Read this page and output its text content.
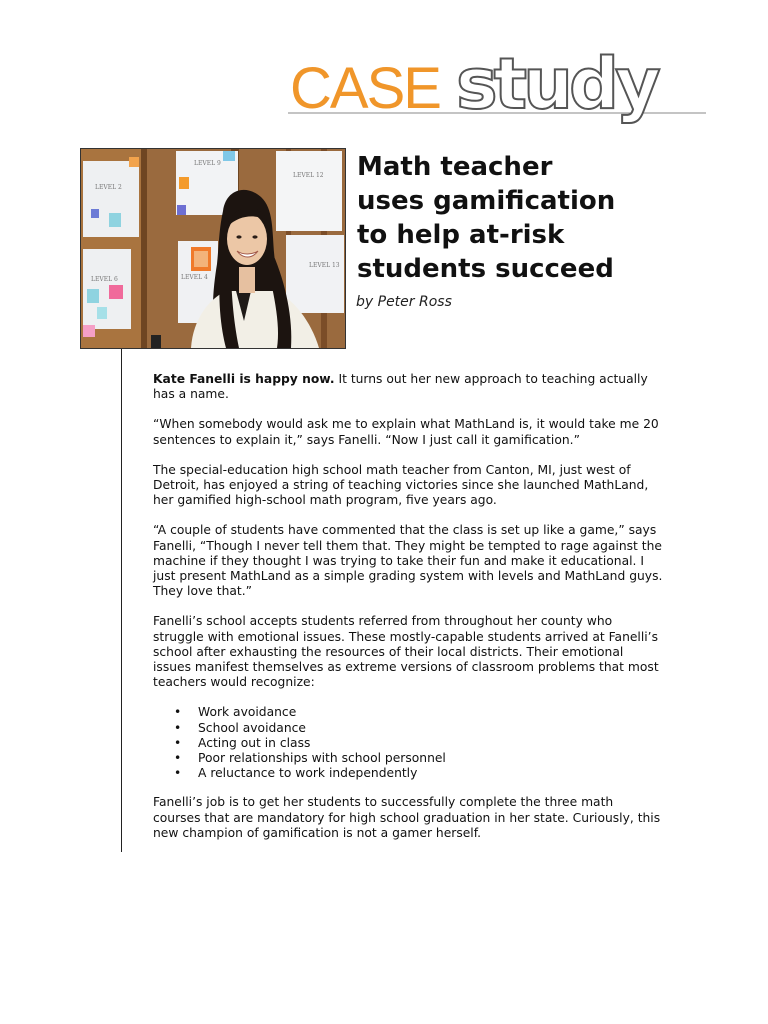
CASE study
LEVEL 2
LEVEL 9
LEVEL 12
LEVEL 6
LEVEL 13
LEVEL 4
Math teacher
uses gamification
to help at-risk
students succeed

by Peter Ross

Kate Fanelli is happy now. It turns out her new approach to teaching actually has a name.

“When somebody would ask me to explain what MathLand is, it would take me 20 sentences to explain it,” says Fanelli. “Now I just call it gamification.”

The special-education high school math teacher from Canton, MI, just west of Detroit, has enjoyed a string of teaching victories since she launched MathLand, her gamified high-school math program, five years ago.

“A couple of students have commented that the class is set up like a game,” says Fanelli, “Though I never tell them that. They might be tempted to rage against the machine if they thought I was trying to take their fun and make it educational. I just present MathLand as a simple grading system with levels and MathLand guys. They love that.”

Fanelli’s school accepts students referred from throughout her county who struggle with emotional issues. These mostly-capable students arrived at Fanelli’s school after exhausting the resources of their local districts. Their emotional issues manifest themselves as extreme versions of classroom problems that most teachers would recognize:

• Work avoidance
• School avoidance
• Acting out in class
• Poor relationships with school personnel
• A reluctance to work independently

Fanelli’s job is to get her students to successfully complete the three math courses that are mandatory for high school graduation in her state. Curiously, this new champion of gamification is not a gamer herself.
